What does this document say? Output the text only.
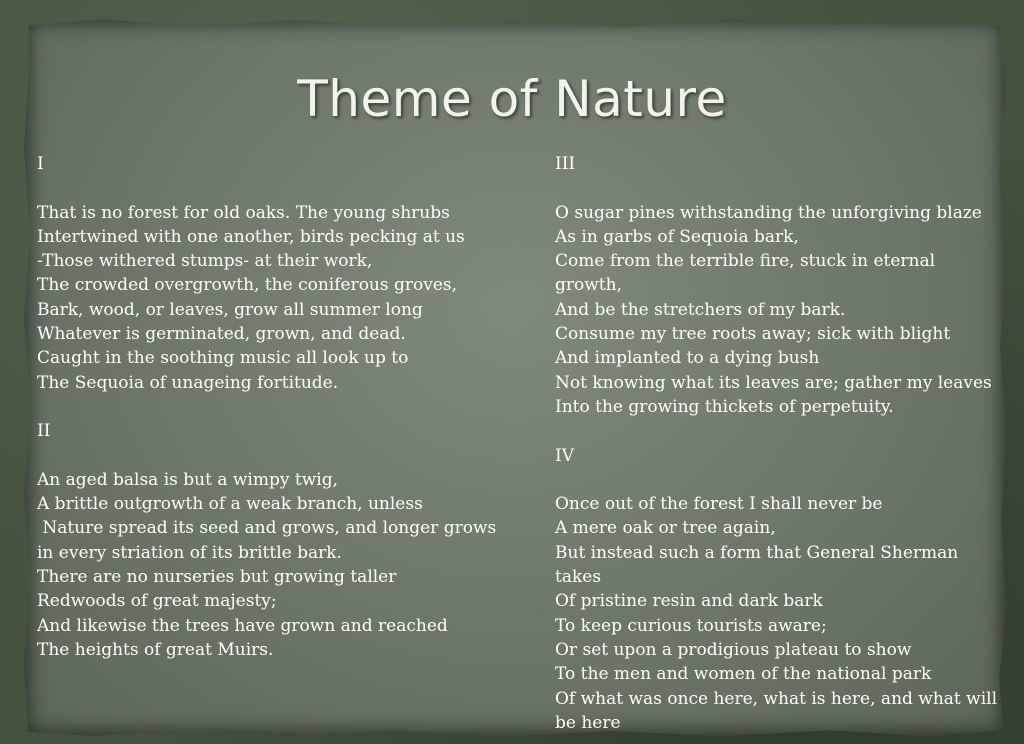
Theme of Nature
I
That is no forest for old oaks. The young shrubs
Intertwined with one another, birds pecking at us
-Those withered stumps- at their work,
The crowded overgrowth, the coniferous groves,
Bark, wood, or leaves, grow all summer long
Whatever is germinated, grown, and dead.
Caught in the soothing music all look up to
The Sequoia of unageing fortitude.
II
An aged balsa is but a wimpy twig,
A brittle outgrowth of a weak branch, unless
Nature spread its seed and grows, and longer grows
in every striation of its brittle bark.
There are no nurseries but growing taller
Redwoods of great majesty;
And likewise the trees have grown and reached
The heights of great Muirs.
III
O sugar pines withstanding the unforgiving blaze
As in garbs of Sequoia bark,
Come from the terrible fire, stuck in eternal
growth,
And be the stretchers of my bark.
Consume my tree roots away; sick with blight
And implanted to a dying bush
Not knowing what its leaves are; gather my leaves
Into the growing thickets of perpetuity.
IV
Once out of the forest I shall never be
A mere oak or tree again,
But instead such a form that General Sherman
takes
Of pristine resin and dark bark
To keep curious tourists aware;
Or set upon a prodigious plateau to show
To the men and women of the national park
Of what was once here, what is here, and what will
be here
